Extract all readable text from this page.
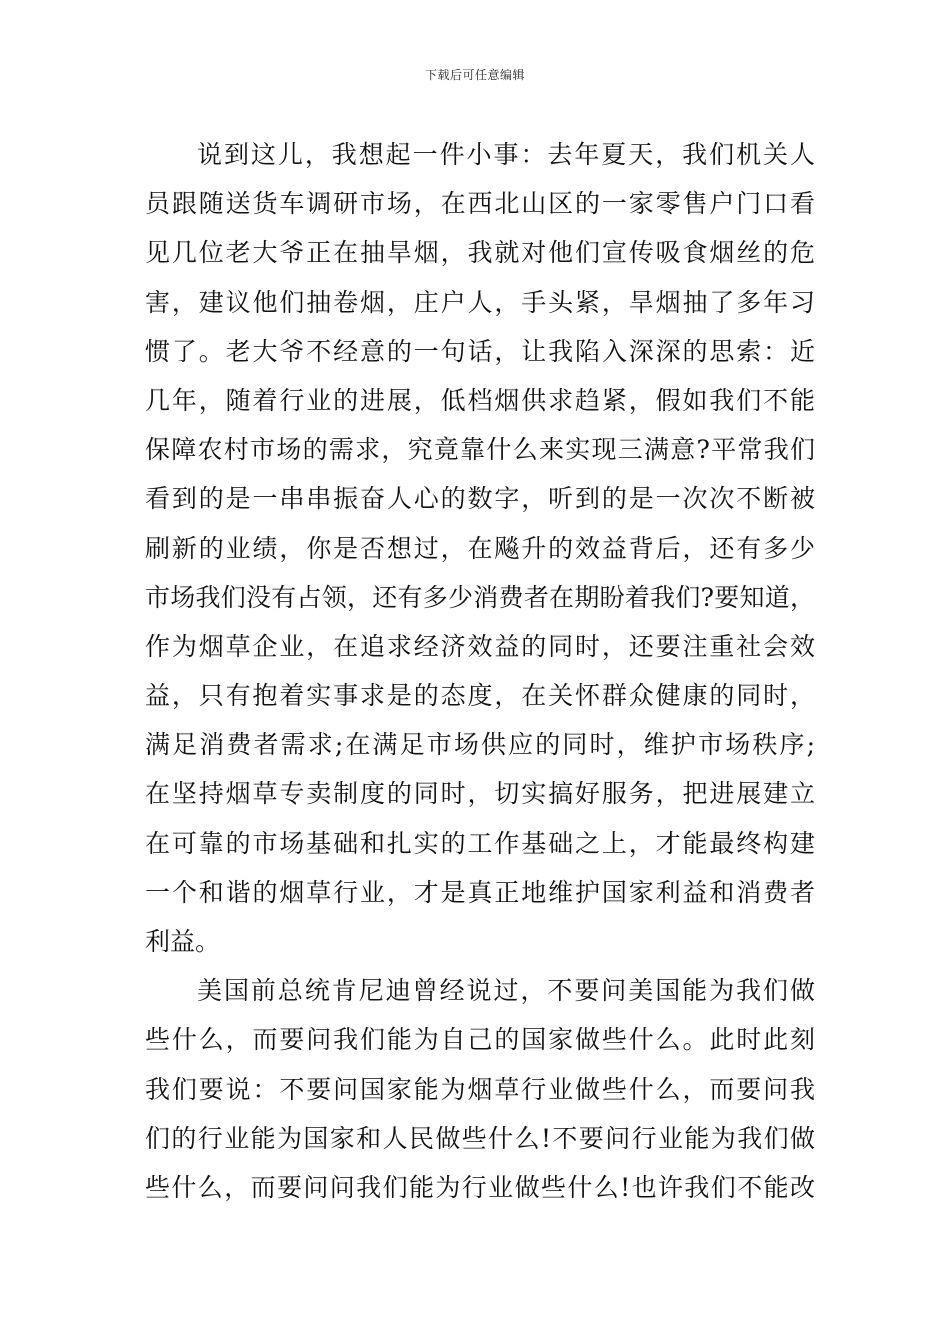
下载后可任意编辑
说到这儿，我想起一件小事：去年夏天，我们机关人
员跟随送货车调研市场，在西北山区的一家零售户门口看
见几位老大爷正在抽旱烟，我就对他们宣传吸食烟丝的危
害，建议他们抽卷烟，庄户人，手头紧，旱烟抽了多年习
惯了。老大爷不经意的一句话，让我陷入深深的思索：近
几年，随着行业的进展，低档烟供求趋紧，假如我们不能
保障农村市场的需求，究竟靠什么来实现三满意?平常我们
看到的是一串串振奋人心的数字，听到的是一次次不断被
刷新的业绩，你是否想过，在飚升的效益背后，还有多少
市场我们没有占领，还有多少消费者在期盼着我们?要知道，
作为烟草企业，在追求经济效益的同时，还要注重社会效
益，只有抱着实事求是的态度，在关怀群众健康的同时，
满足消费者需求;在满足市场供应的同时，维护市场秩序;
在坚持烟草专卖制度的同时，切实搞好服务，把进展建立
在可靠的市场基础和扎实的工作基础之上，才能最终构建
一个和谐的烟草行业，才是真正地维护国家利益和消费者
利益。
美国前总统肯尼迪曾经说过，不要问美国能为我们做
些什么，而要问我们能为自己的国家做些什么。此时此刻
我们要说：不要问国家能为烟草行业做些什么，而要问我
们的行业能为国家和人民做些什么!不要问行业能为我们做
些什么，而要问问我们能为行业做些什么!也许我们不能改
